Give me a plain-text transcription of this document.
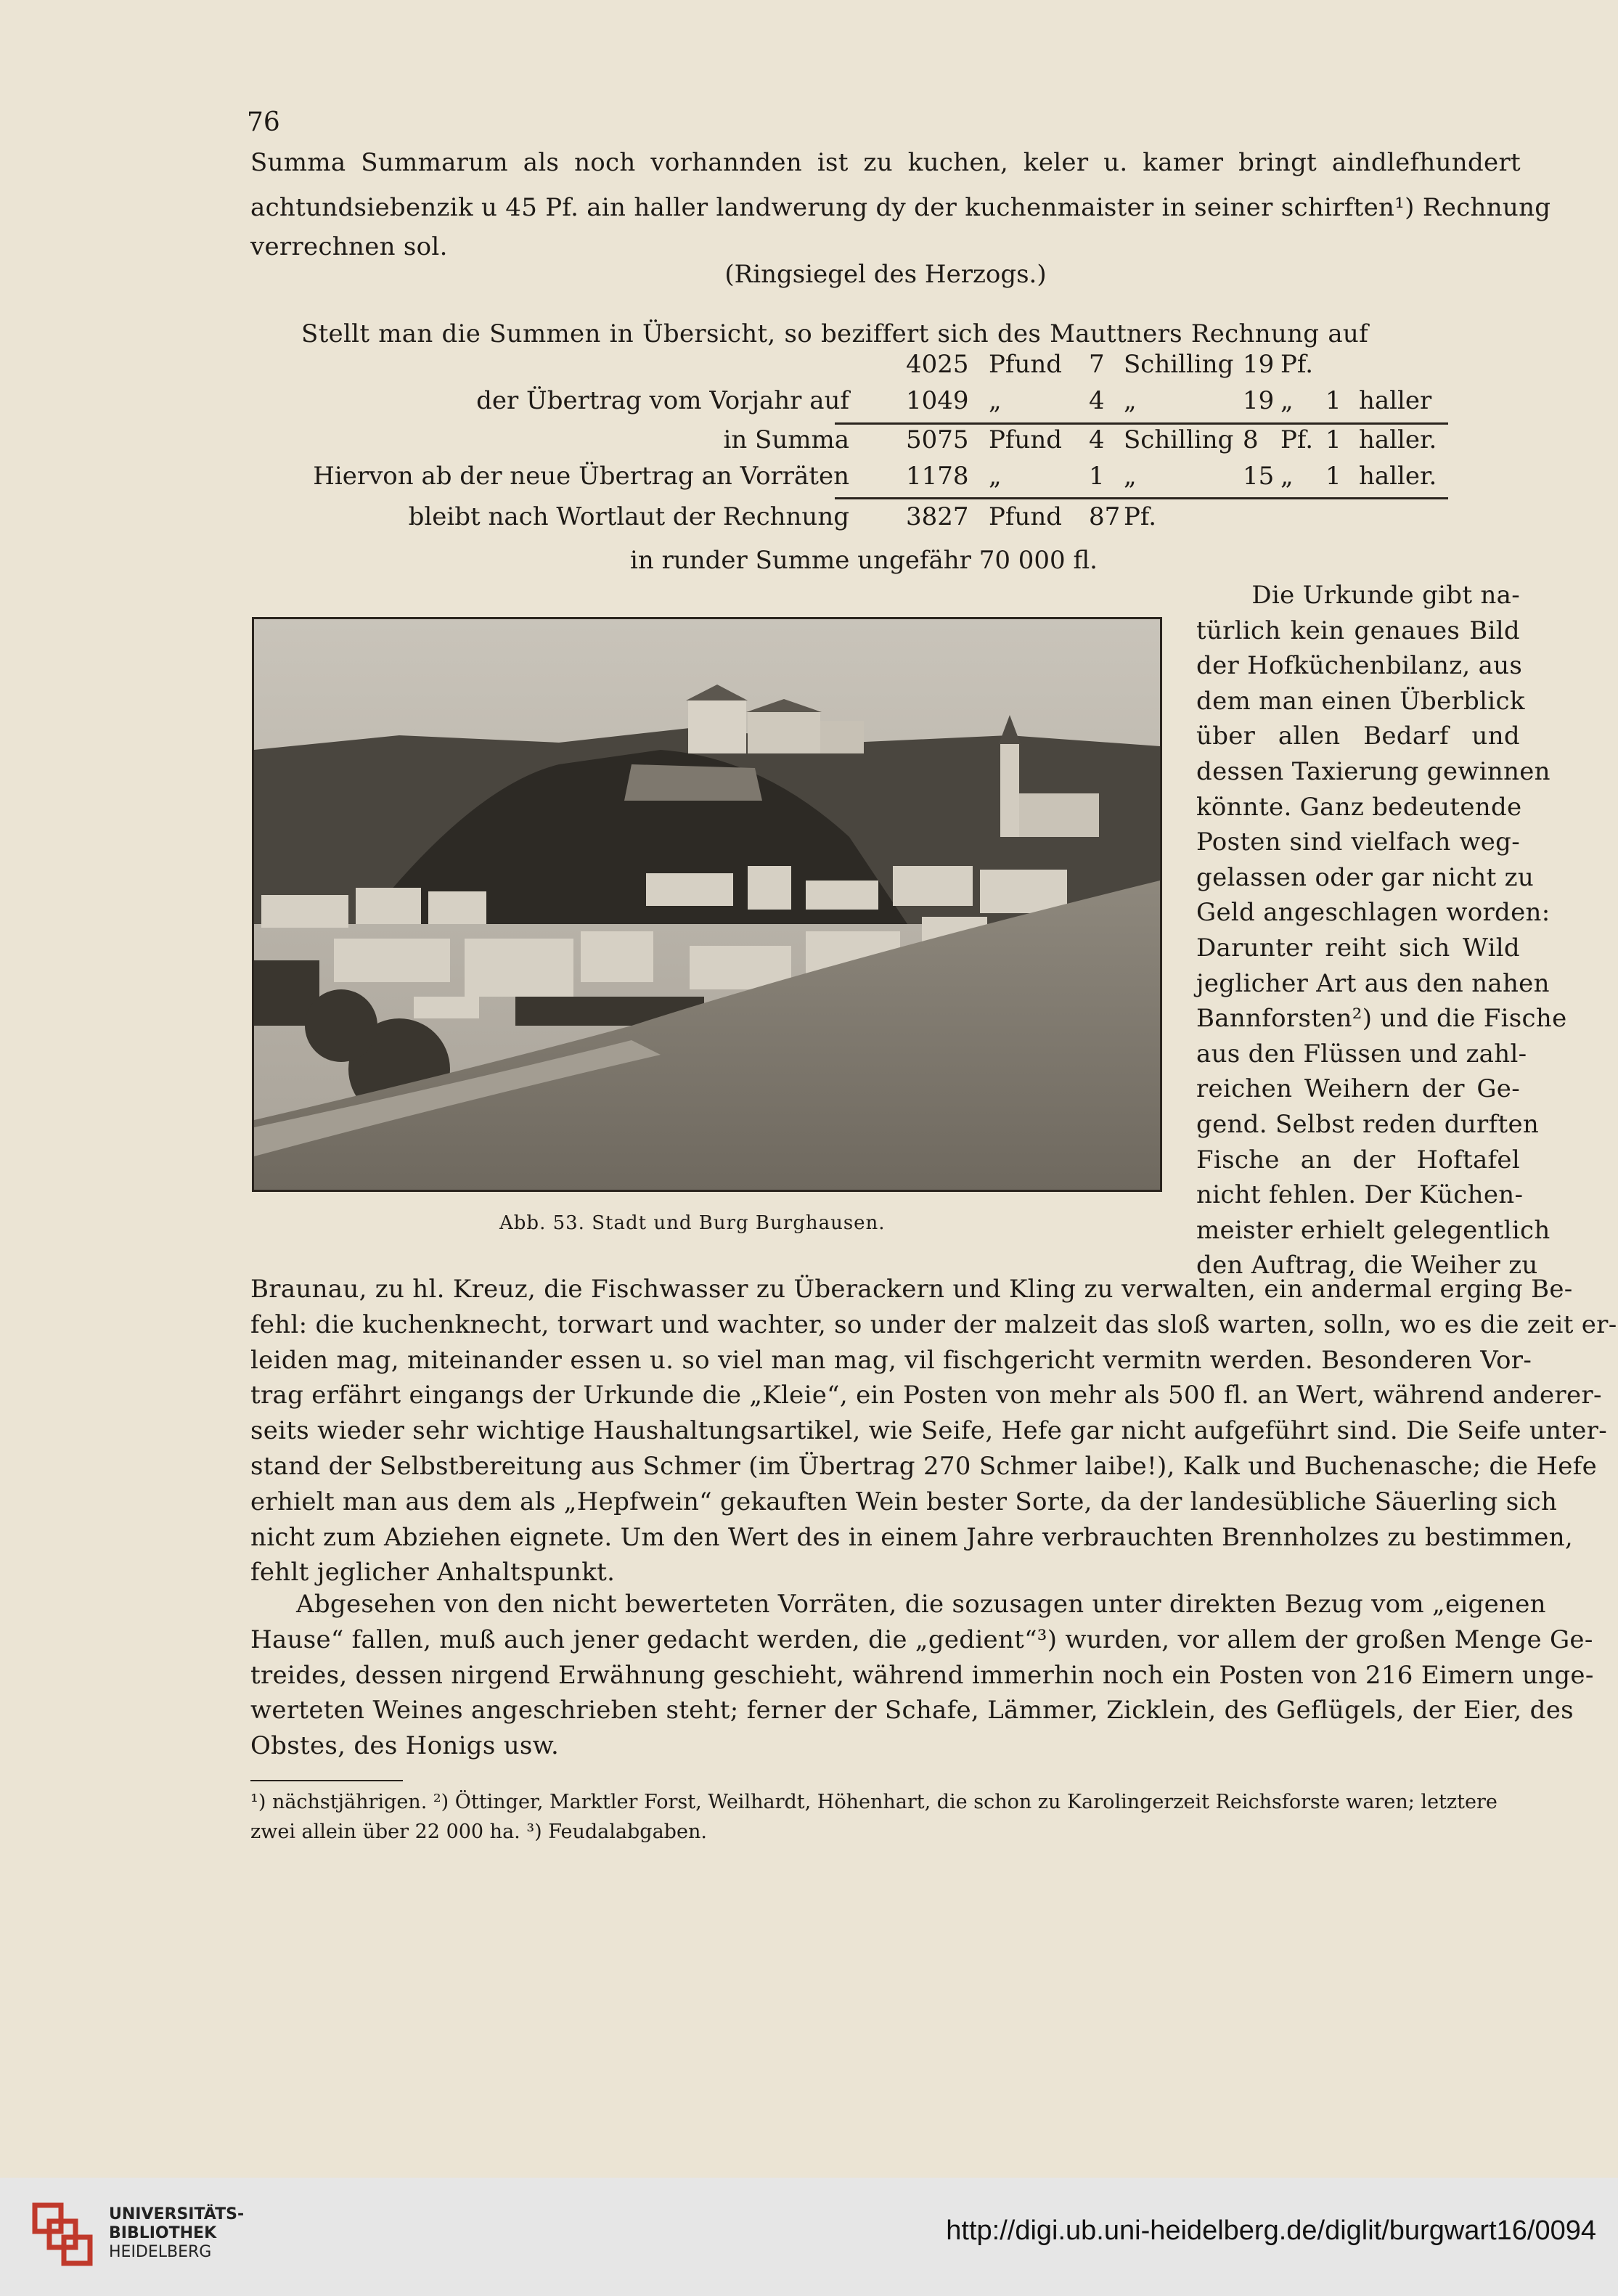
76
Summa Summarum als noch vorhannden ist zu kuchen, keler u. kamer bringt aindlefhundert
achtundsiebenzik u 45 Pf. ain haller landwerung dy der kuchenmaister in seiner schirften¹) Rechnung
verrechnen sol.
(Ringsiegel des Herzogs.)
Stellt man die Summen in Übersicht, so beziffert sich des Mauttners Rechnung auf
4025 Pfund 7 Schilling 19 Pf.
der Übertrag vom Vorjahr auf 1049 „	4 „	19 „ 1 haller
in Summa 5075 Pfund 4 Schilling 8 Pf. 1 haller.
Hiervon ab der neue Übertrag an Vorräten 1178 „	1 „	15 „ 1 haller.
bleibt nach Wortlaut der Rechnung 3827 Pfund 87 Pf.
in runder Summe ungefähr 70 000 fl.
Abb. 53. Stadt und Burg Burghausen.
Die Urkunde gibt na-
türlich kein genaues Bild
der Hofküchenbilanz, aus
dem man einen Überblick
über allen Bedarf und
dessen Taxierung gewinnen
könnte. Ganz bedeutende
Posten sind vielfach weg-
gelassen oder gar nicht zu
Geld angeschlagen worden:
Darunter reiht sich Wild
jeglicher Art aus den nahen
Bannforsten²) und die Fische
aus den Flüssen und zahl-
reichen Weihern der Ge-
gend. Selbst reden durften
Fische an der Hoftafel
nicht fehlen. Der Küchen-
meister erhielt gelegentlich
den Auftrag, die Weiher zu
Braunau, zu hl. Kreuz, die Fischwasser zu Überackern und Kling zu verwalten, ein andermal erging Be-
fehl: die kuchenknecht, torwart und wachter, so under der malzeit das sloß warten, solln, wo es die zeit er-
leiden mag, miteinander essen u. so viel man mag, vil fischgericht vermitn werden. Besonderen Vor-
trag erfährt eingangs der Urkunde die „Kleie“, ein Posten von mehr als 500 fl. an Wert, während anderer-
seits wieder sehr wichtige Haushaltungsartikel, wie Seife, Hefe gar nicht aufgeführt sind. Die Seife unter-
stand der Selbstbereitung aus Schmer (im Übertrag 270 Schmer laibe!), Kalk und Buchenasche; die Hefe
erhielt man aus dem als „Hepfwein“ gekauften Wein bester Sorte, da der landesübliche Säuerling sich
nicht zum Abziehen eignete. Um den Wert des in einem Jahre verbrauchten Brennholzes zu bestimmen,
fehlt jeglicher Anhaltspunkt.
Abgesehen von den nicht bewerteten Vorräten, die sozusagen unter direkten Bezug vom „eigenen
Hause“ fallen, muß auch jener gedacht werden, die „gedient“³) wurden, vor allem der großen Menge Ge-
treides, dessen nirgend Erwähnung geschieht, während immerhin noch ein Posten von 216 Eimern unge-
werteten Weines angeschrieben steht; ferner der Schafe, Lämmer, Zicklein, des Geflügels, der Eier, des
Obstes, des Honigs usw.
¹) nächstjährigen. ²) Öttinger, Marktler Forst, Weilhardt, Höhenhart, die schon zu Karolingerzeit Reichsforste waren; letztere
zwei allein über 22 000 ha. ³) Feudalabgaben.
UNIVERSITÄTS-
BIBLIOTHEK
HEIDELBERG
http://digi.ub.uni-heidelberg.de/diglit/burgwart16/0094
